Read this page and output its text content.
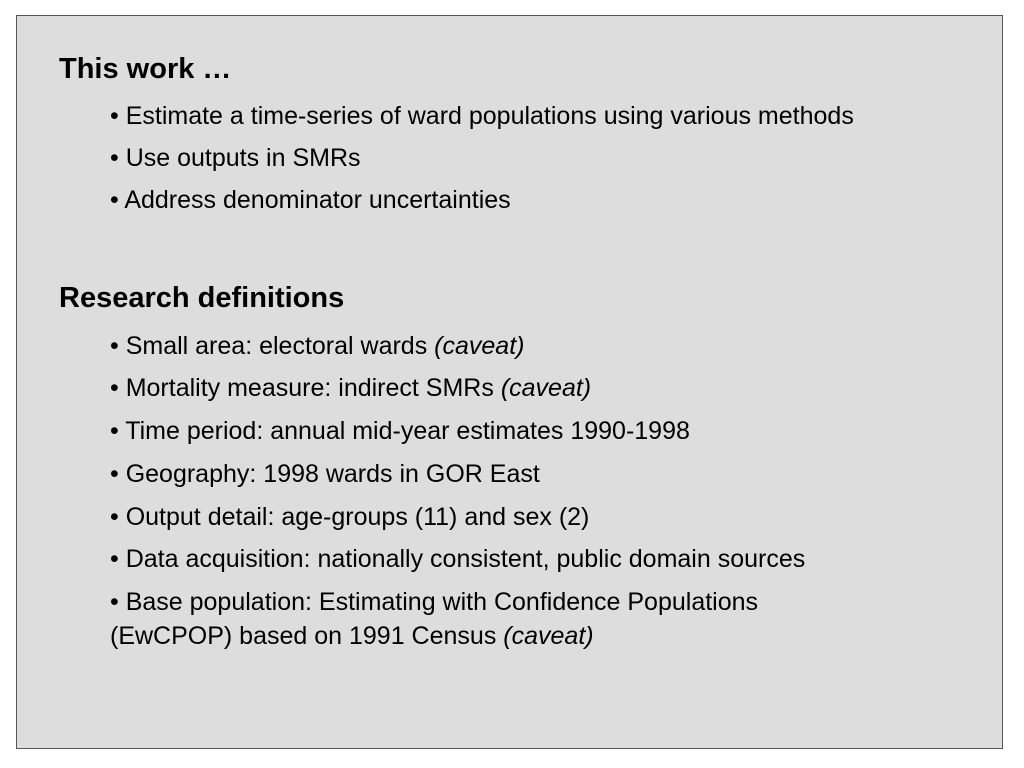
This work …
• Estimate a time-series of ward populations using various methods
• Use outputs in SMRs
• Address denominator uncertainties
Research definitions
• Small area: electoral wards (caveat)
• Mortality measure: indirect SMRs (caveat)
• Time period: annual mid-year estimates 1990-1998
• Geography: 1998 wards in GOR East
• Output detail: age-groups (11) and sex (2)
• Data acquisition: nationally consistent, public domain sources
• Base population: Estimating with Confidence Populations
(EwCPOP) based on 1991 Census (caveat)
